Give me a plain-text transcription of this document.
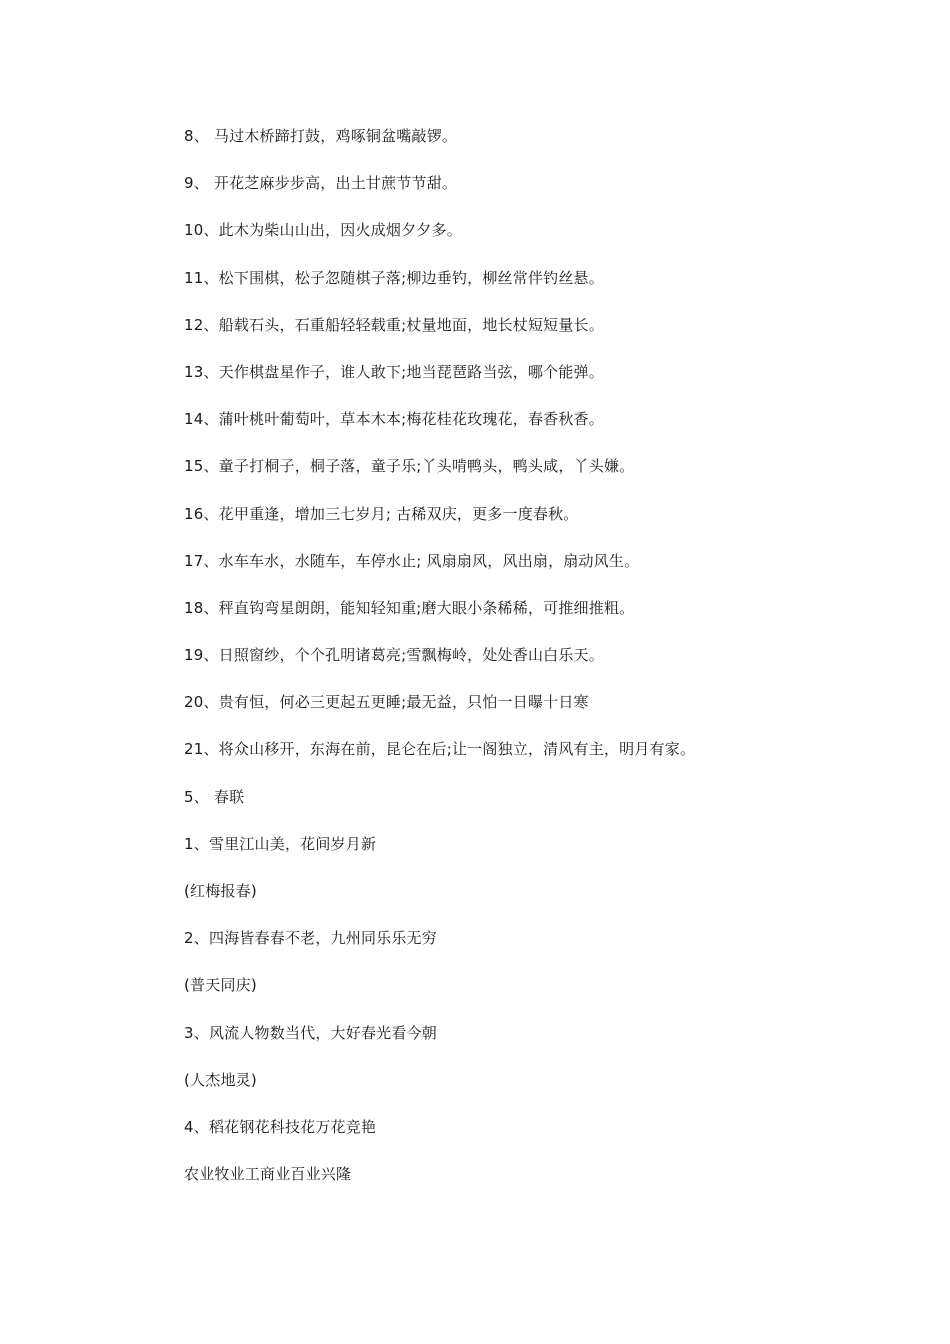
8、 马过木桥蹄打鼓，鸡啄铜盆嘴敲锣。
9、 开花芝麻步步高，出土甘蔗节节甜。
10、此木为柴山山出，因火成烟夕夕多。
11、松下围棋，松子忽随棋子落;柳边垂钓，柳丝常伴钓丝悬。
12、船载石头，石重船轻轻载重;杖量地面，地长杖短短量长。
13、天作棋盘星作子，谁人敢下;地当琵琶路当弦，哪个能弹。
14、蒲叶桃叶葡萄叶，草本木本;梅花桂花玫瑰花，春香秋香。
15、童子打桐子，桐子落，童子乐;丫头啃鸭头，鸭头咸，丫头嫌。
16、花甲重逢，增加三七岁月; 古稀双庆，更多一度春秋。
17、水车车水，水随车，车停水止; 风扇扇风，风出扇，扇动风生。
18、秤直钩弯星朗朗，能知轻知重;磨大眼小条稀稀，可推细推粗。
19、日照窗纱，个个孔明诸葛亮;雪飘梅岭，处处香山白乐天。
20、贵有恒，何必三更起五更睡;最无益，只怕一日曝十日寒
21、将众山移开，东海在前，昆仑在后;让一阁独立，清风有主，明月有家。
5、 春联
1、雪里江山美，花间岁月新
(红梅报春)
2、四海皆春春不老，九州同乐乐无穷
(普天同庆)
3、风流人物数当代，大好春光看今朝
(人杰地灵)
4、稻花钢花科技花万花竞艳
农业牧业工商业百业兴隆
